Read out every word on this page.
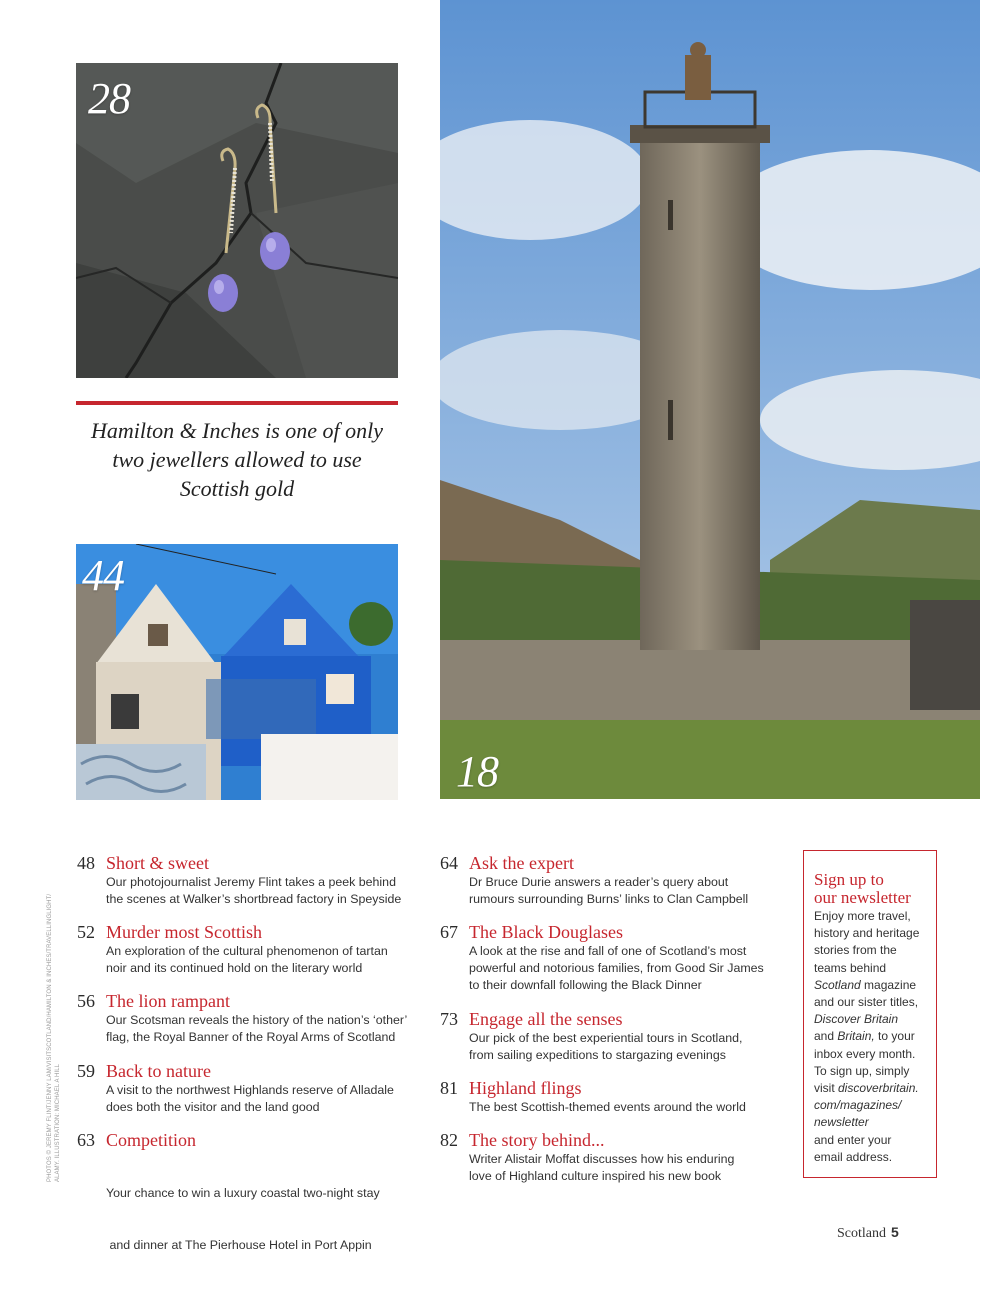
28
Hamilton & Inches is one of only two jewellers allowed to use Scottish gold
44
18
PHOTOS © JEREMY FLINT/JENNY LAM/VISITSCOTLAND/HAMILTON & INCHES/TRAVELLINGLIGHT/ ALAMY. ILLUSTRATION: MICHAEL A HILL
48 Short & sweet
Our photojournalist Jeremy Flint takes a peek behind
the scenes at Walker’s shortbread factory in Speyside
52 Murder most Scottish
An exploration of the cultural phenomenon of tartan
noir and its continued hold on the literary world
56 The lion rampant
Our Scotsman reveals the history of the nation’s ‘other’
flag, the Royal Banner of the Royal Arms of Scotland
59 Back to nature
A visit to the northwest Highlands reserve of Alladale
does both the visitor and the land good
63 Competition

Your chance to win a luxury coastal two-night stay

and dinner at The Pierhouse Hotel in Port Appin

64 Ask the expert
Dr Bruce Durie answers a reader’s query about
rumours surrounding Burns’ links to Clan Campbell
67 The Black Douglases
A look at the rise and fall of one of Scotland’s most
powerful and notorious families, from Good Sir James
to their downfall following the Black Dinner
73 Engage all the senses
Our pick of the best experiential tours in Scotland,
from sailing expeditions to stargazing evenings
81 Highland flings
The best Scottish-themed events around the world
82 The story behind...
Writer Alistair Moffat discusses how his enduring
love of Highland culture inspired his new book
Sign up to
our newsletter
Enjoy more travel,
history and heritage
stories from the
teams behind
Scotland magazine
and our sister titles,
Discover Britain
and Britain, to your
inbox every month.
To sign up, simply
visit discoverbritain.
com/magazines/
newsletter
and enter your
email address.
Scotland 5
